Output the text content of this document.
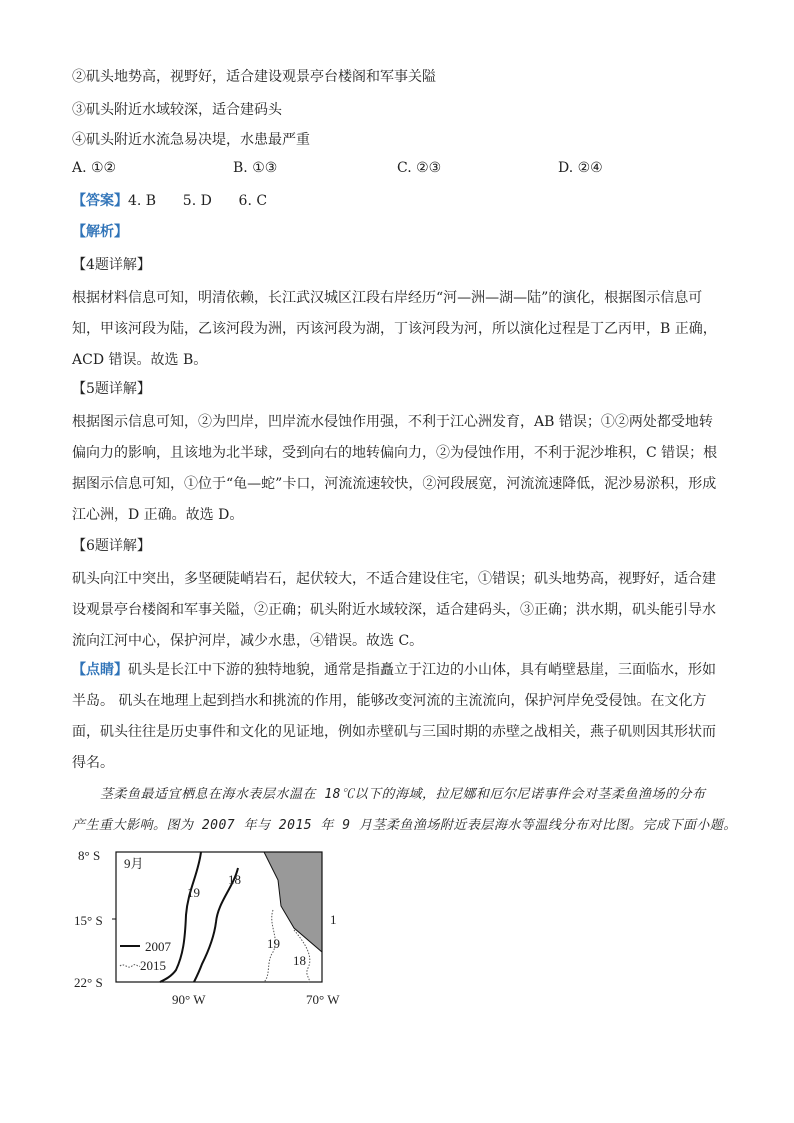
②矶头地势高，视野好，适合建设观景亭台楼阁和军事关隘
③矶头附近水域较深，适合建码头
④矶头附近水流急易决堤，水患最严重
A. ①②	B. ①③	C. ②③	D. ②④
【答案】4. B      5. D      6. C
【解析】
【4题详解】
根据材料信息可知，明清依赖，长江武汉城区江段右岸经历“河—洲—湖—陆”的演化，根据图示信息可
知，甲该河段为陆，乙该河段为洲，丙该河段为湖，丁该河段为河，所以演化过程是丁乙丙甲，B 正确，
ACD 错误。故选 B。
【5题详解】
根据图示信息可知，②为凹岸，凹岸流水侵蚀作用强，不利于江心洲发育，AB 错误；①②两处都受地转
偏向力的影响，且该地为北半球，受到向右的地转偏向力，②为侵蚀作用，不利于泥沙堆积，C 错误；根
据图示信息可知，①位于“龟—蛇”卡口，河流流速较快，②河段展宽，河流流速降低，泥沙易淤积，形成
江心洲，D 正确。故选 D。
【6题详解】
矶头向江中突出，多坚硬陡峭岩石，起伏较大，不适合建设住宅，①错误；矶头地势高，视野好，适合建
设观景亭台楼阁和军事关隘，②正确；矶头附近水域较深，适合建码头，③正确；洪水期，矶头能引导水
流向江河中心，保护河岸，减少水患，④错误。故选 C。
【点睛】矶头是长江中下游的独特地貌，通常是指矗立于江边的小山体，具有峭壁悬崖，三面临水，形如
半岛。 矶头在地理上起到挡水和挑流的作用，能够改变河流的主流流向，保护河岸免受侵蚀。在文化方
面，矶头往往是历史事件和文化的见证地，例如赤壁矶与三国时期的赤壁之战相关，燕子矶则因其形状而
得名。
茎柔鱼最适宜栖息在海水表层水温在 18℃以下的海域，拉尼娜和厄尔尼诺事件会对茎柔鱼渔场的分布
产生重大影响。图为 2007 年与 2015 年 9 月茎柔鱼渔场附近表层海水等温线分布对比图。完成下面小题。
9月
19
18
19
18
1
8° S
15° S
22° S
90° W	70° W
2007
2015
